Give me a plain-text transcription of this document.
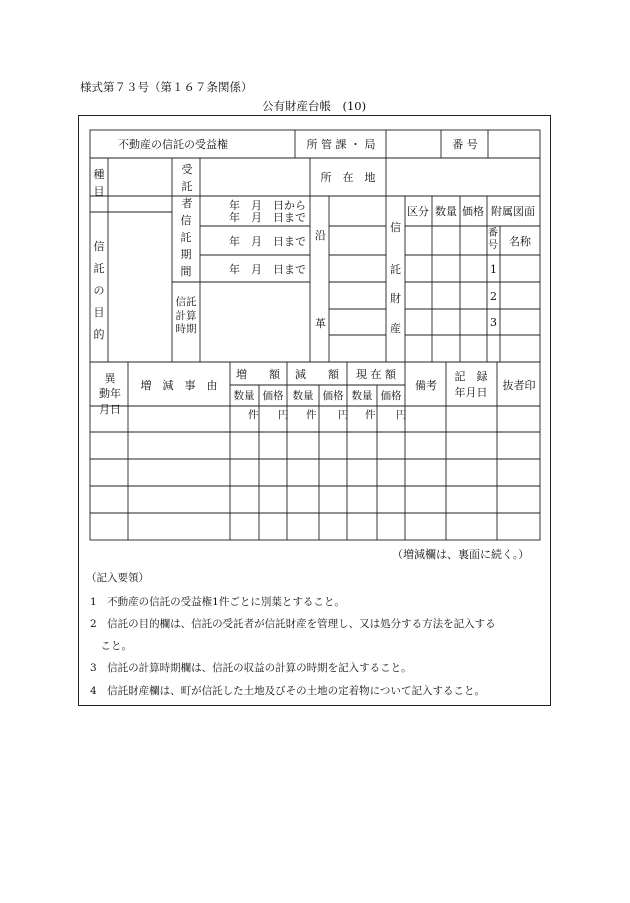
様式第７３号（第１６７条関係）
公有財産台帳　(10)
不動産の信託の受益権	所 管 課 ・ 局	番 号
種目
受託者
所　在　地
信託の目的
信託期間
年　月　日から
年　月　日まで
年　月　日まで
年　月　日まで
信託計算時期
沿
革
信
託
財
産
区分 数量 価格 附属図面
番号 名称
1
2
3
異　動年月日
増　減　事　由
増　　額 減　　額 現 在 額
数量 価格 数量 価格 数量 価格
備考
記　録
年月日
抜者印
件 円 件 円 件 円
（増減欄は、裏面に続く。）
（記入要領）
1　不動産の信託の受益権1件ごとに別葉とすること。
2　信託の目的欄は、信託の受託者が信託財産を管理し、又は処分する方法を記入する
　こと。
3　信託の計算時期欄は、信託の収益の計算の時期を記入すること。
4　信託財産欄は、町が信託した土地及びその土地の定着物について記入すること。
